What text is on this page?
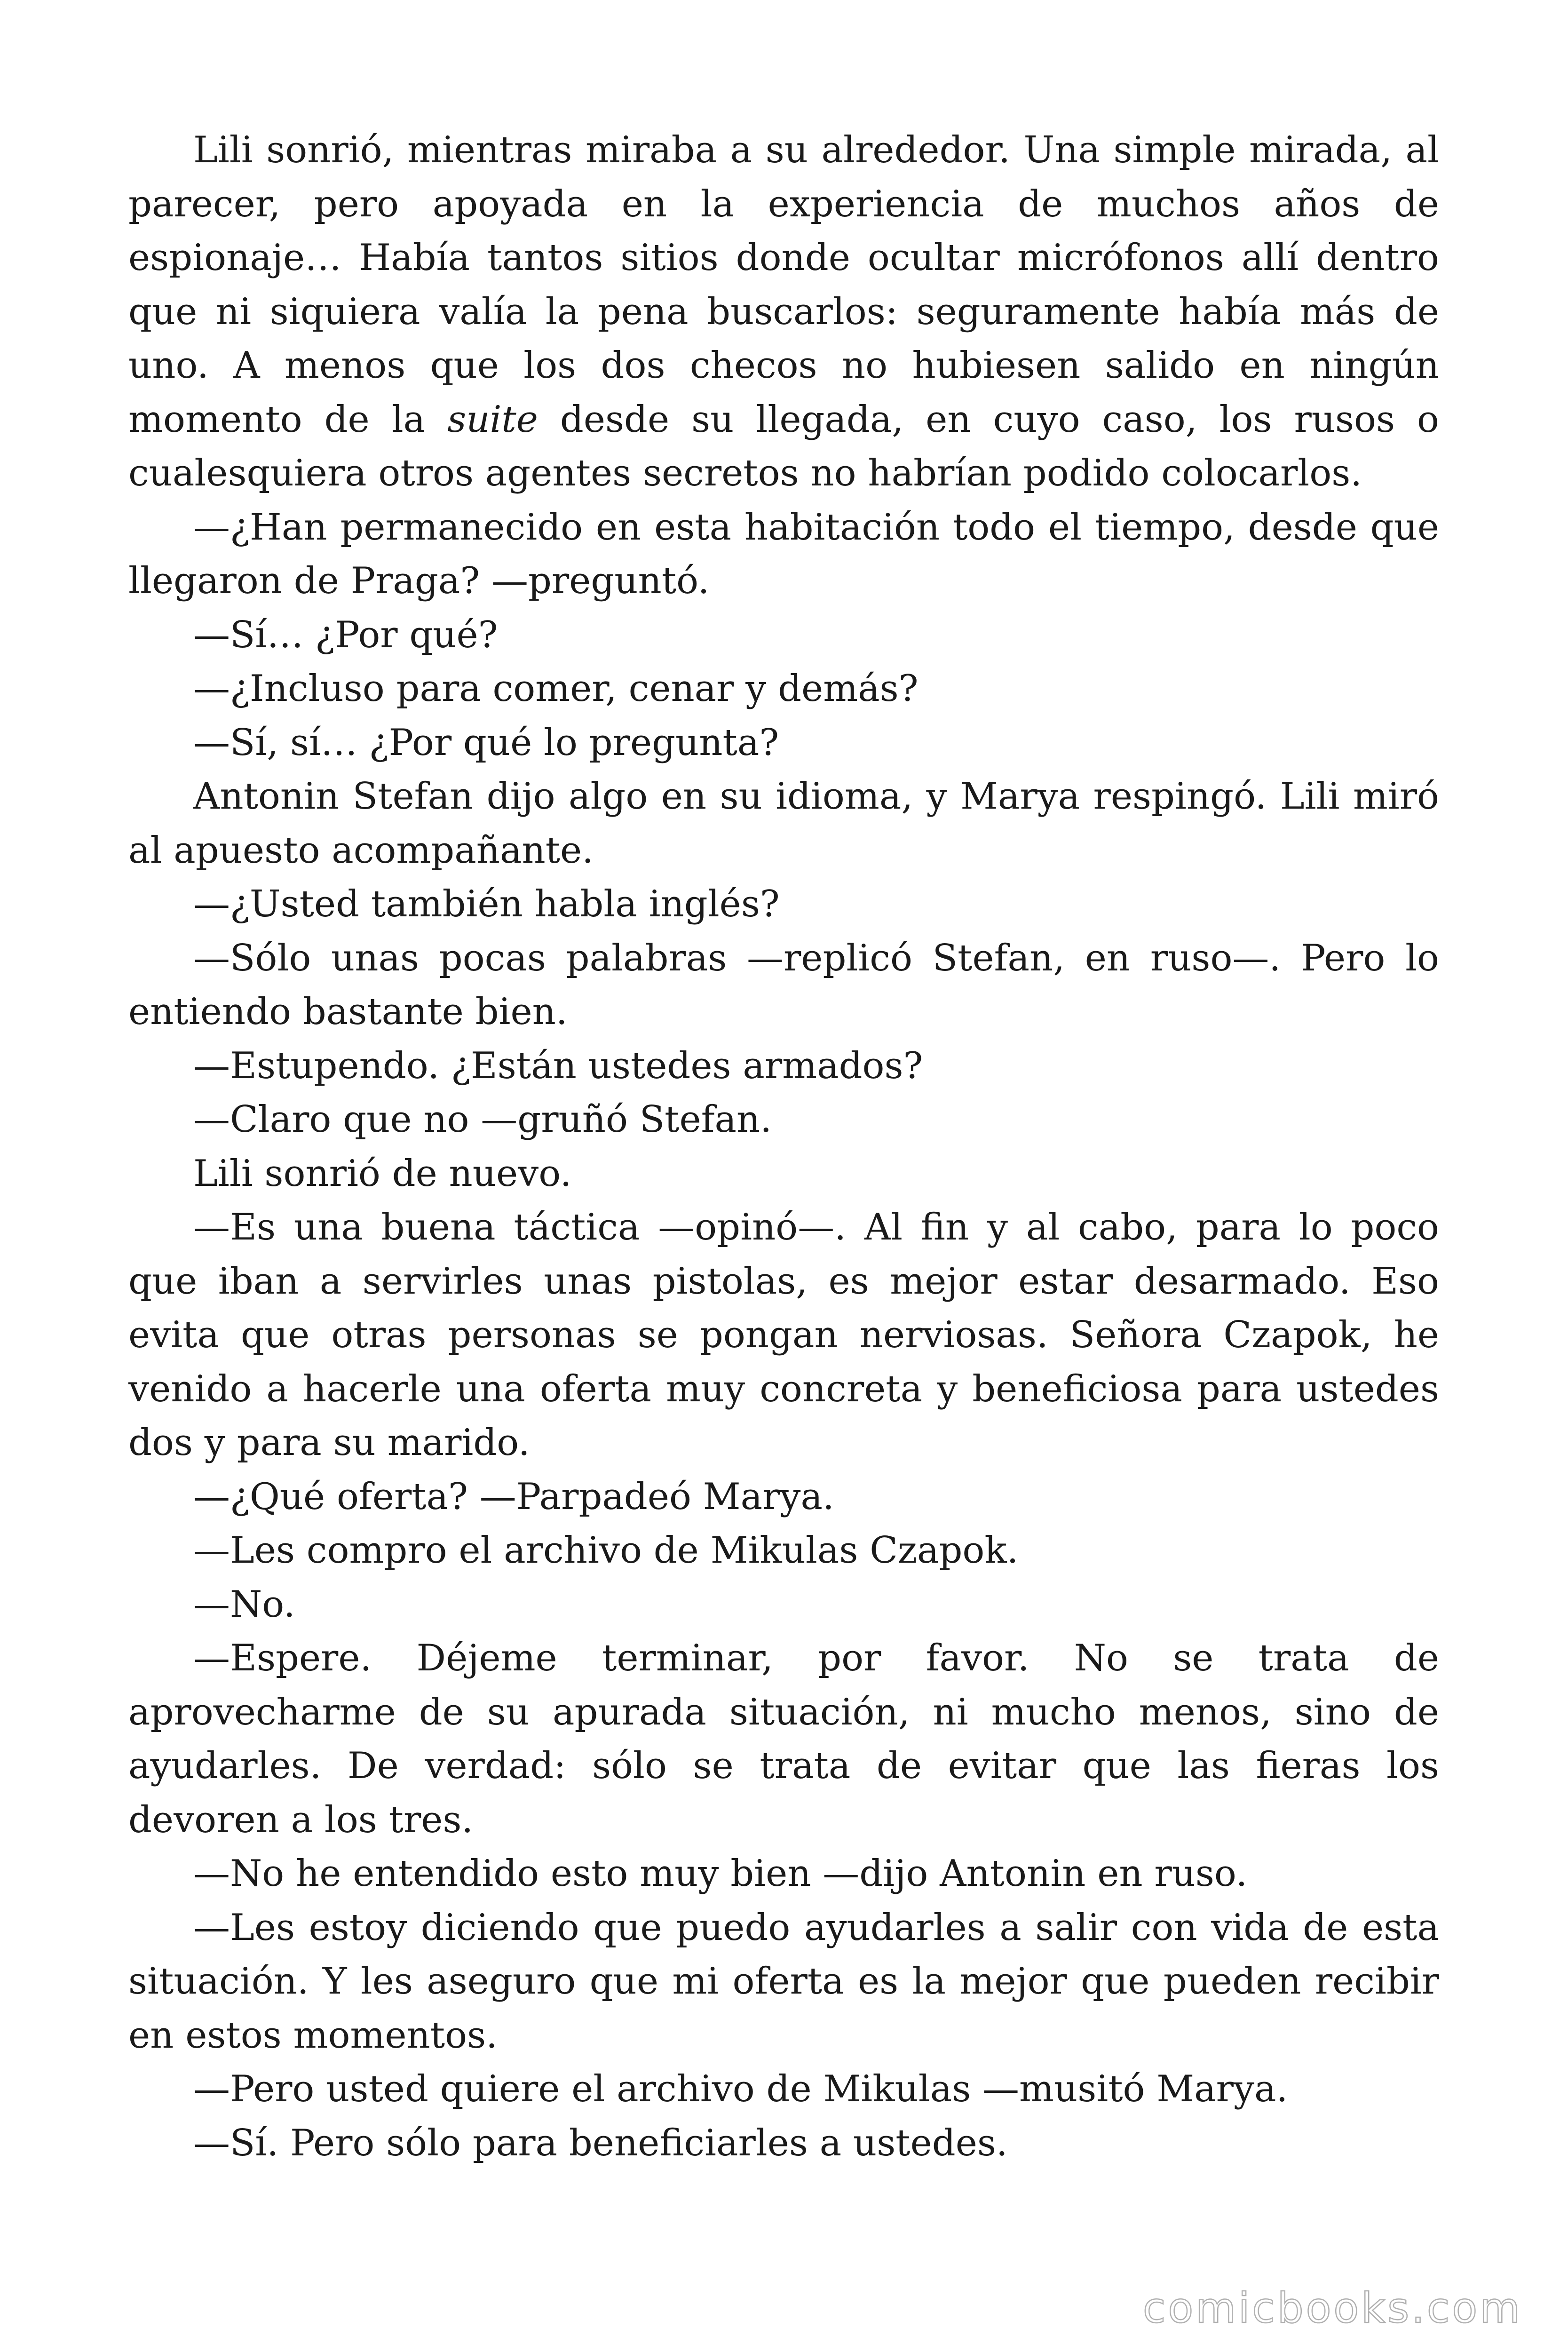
Lili sonrió, mientras miraba a su alrededor. Una simple mirada, al parecer, pero apoyada en la experiencia de muchos años de espionaje… Había tantos sitios donde ocultar micrófonos allí dentro que ni siquiera valía la pena buscarlos: seguramente había más de uno. A menos que los dos checos no hubiesen salido en ningún momento de la suite desde su llegada, en cuyo caso, los rusos o cualesquiera otros agentes secretos no habrían podido colocarlos.

—¿Han permanecido en esta habitación todo el tiempo, desde que llegaron de Praga? —preguntó.

—Sí… ¿Por qué?

—¿Incluso para comer, cenar y demás?

—Sí, sí… ¿Por qué lo pregunta?

Antonin Stefan dijo algo en su idioma, y Marya respingó. Lili miró al apuesto acompañante.

—¿Usted también habla inglés?

—Sólo unas pocas palabras —replicó Stefan, en ruso—. Pero lo entiendo bastante bien.

—Estupendo. ¿Están ustedes armados?

—Claro que no —gruñó Stefan.

Lili sonrió de nuevo.

—Es una buena táctica —opinó—. Al fin y al cabo, para lo poco que iban a servirles unas pistolas, es mejor estar desarmado. Eso evita que otras personas se pongan nerviosas. Señora Czapok, he venido a hacerle una oferta muy concreta y beneficiosa para ustedes dos y para su marido.

—¿Qué oferta? —Parpadeó Marya.

—Les compro el archivo de Mikulas Czapok.

—No.

—Espere. Déjeme terminar, por favor. No se trata de aprovecharme de su apurada situación, ni mucho menos, sino de ayudarles. De verdad: sólo se trata de evitar que las fieras los devoren a los tres.

—No he entendido esto muy bien —dijo Antonin en ruso.

—Les estoy diciendo que puedo ayudarles a salir con vida de esta situación. Y les aseguro que mi oferta es la mejor que pueden recibir en estos momentos.

—Pero usted quiere el archivo de Mikulas —musitó Marya.

—Sí. Pero sólo para beneficiarles a ustedes.

comicbooks.com
